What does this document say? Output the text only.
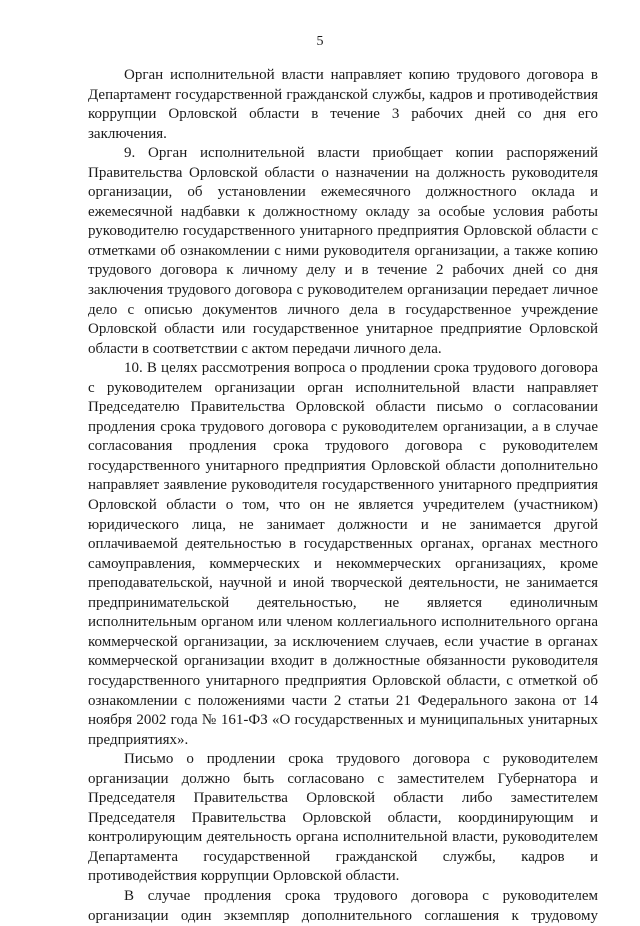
5

Орган исполнительной власти направляет копию трудового договора в Департамент государственной гражданской службы, кадров и противодействия коррупции Орловской области в течение 3 рабочих дней со дня его заключения.

9. Орган исполнительной власти приобщает копии распоряжений Правительства Орловской области о назначении на должность руководителя организации, об установлении ежемесячного должностного оклада и ежемесячной надбавки к должностному окладу за особые условия работы руководителю государственного унитарного предприятия Орловской области с отметками об ознакомлении с ними руководителя организации, а также копию трудового договора к личному делу и в течение 2 рабочих дней со дня заключения трудового договора с руководителем организации передает личное дело с описью документов личного дела в государственное учреждение Орловской области или государственное унитарное предприятие Орловской области в соответствии с актом передачи личного дела.

10. В целях рассмотрения вопроса о продлении срока трудового договора с руководителем организации орган исполнительной власти направляет Председателю Правительства Орловской области письмо о согласовании продления срока трудового договора с руководителем организации, а в случае согласования продления срока трудового договора с руководителем государственного унитарного предприятия Орловской области дополнительно направляет заявление руководителя государственного унитарного предприятия Орловской области о том, что он не является учредителем (участником) юридического лица, не занимает должности и не занимается другой оплачиваемой деятельностью в государственных органах, органах местного самоуправления, коммерческих и некоммерческих организациях, кроме преподавательской, научной и иной творческой деятельности, не занимается предпринимательской деятельностью, не является единоличным исполнительным органом или членом коллегиального исполнительного органа коммерческой организации, за исключением случаев, если участие в органах коммерческой организации входит в должностные обязанности руководителя государственного унитарного предприятия Орловской области, с отметкой об ознакомлении с положениями части 2 статьи 21 Федерального закона от 14 ноября 2002 года № 161-ФЗ «О государственных и муниципальных унитарных предприятиях».

Письмо о продлении срока трудового договора с руководителем организации должно быть согласовано с заместителем Губернатора и Председателя Правительства Орловской области либо заместителем Председателя Правительства Орловской области, координирующим и контролирующим деятельность органа исполнительной власти, руководителем Департамента государственной гражданской службы, кадров и противодействия коррупции Орловской области.

В случае продления срока трудового договора с руководителем организации один экземпляр дополнительного соглашения к трудовому
